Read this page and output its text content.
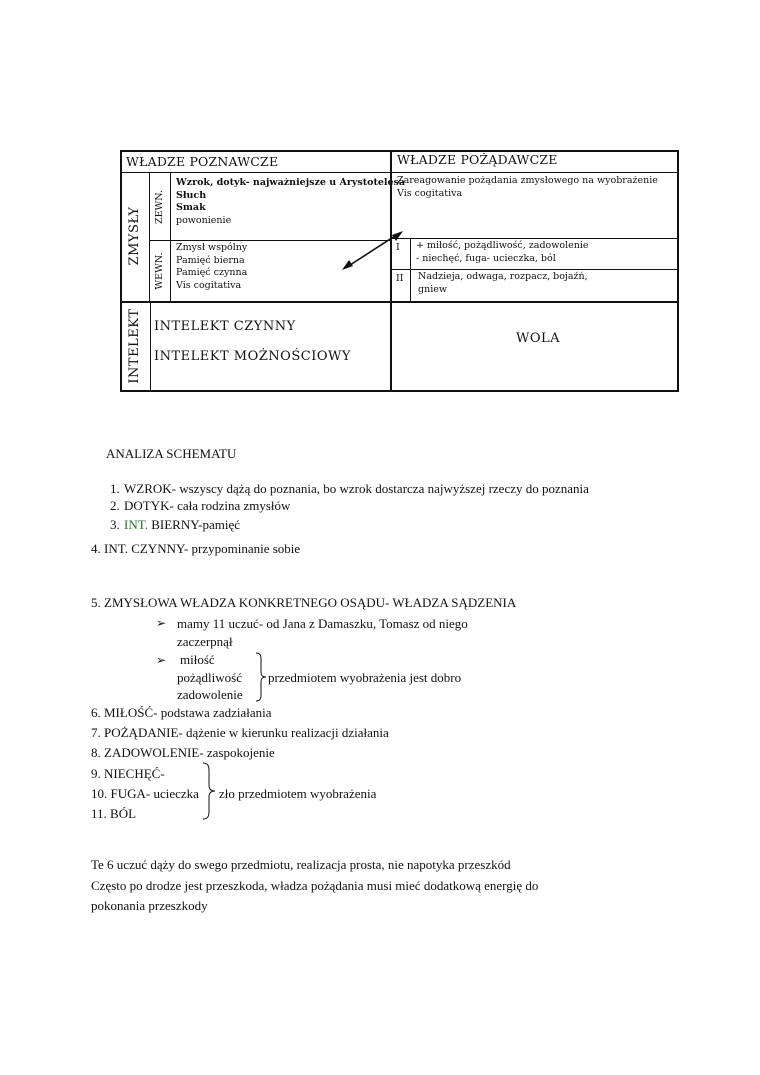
WŁADZE POZNAWCZE	WŁADZE POŻĄDAWCZE
ZMYSŁY ZEWN.
WEWN.
INTELEKT
Wzrok, dotyk- najważniejsze u Arystotelesa
Słuch
Smak
powonienie
Zmysł wspólny
Pamięć bierna
Pamięć czynna
Vis cogitativa
Zareagowanie pożądania zmysłowego na wyobrażenie
Vis cogitativa
I + miłość, pożądliwość, zadowolenie
- niechęć, fuga- ucieczka, ból
II Nadzieja, odwaga, rozpacz, bojaźń,
gniew
INTELEKT CZYNNY
INTELEKT MOŻNOŚCIOWY
WOLA
ANALIZA SCHEMATU
1. WZROK- wszyscy dążą do poznania, bo wzrok dostarcza najwyższej rzeczy do poznania
2. DOTYK- cała rodzina zmysłów
3. INT. BIERNY-pamięć
4. INT. CZYNNY- przypominanie sobie
5. ZMYSŁOWA WŁADZA KONKRETNEGO OSĄDU- WŁADZA SĄDZENIA
➢ mamy 11 uczuć- od Jana z Damaszku, Tomasz od niego
zaczerpnął
➢ miłość
pożądliwość
zadowolenie
przedmiotem wyobrażenia jest dobro
6. MIŁOŚĆ- podstawa zadziałania
7. POŻĄDANIE- dążenie w kierunku realizacji działania
8. ZADOWOLENIE- zaspokojenie
9. NIECHĘĆ-
10. FUGA- ucieczka
11. BÓL
zło przedmiotem wyobrażenia
Te 6 uczuć dąży do swego przedmiotu, realizacja prosta, nie napotyka przeszkód
Często po drodze jest przeszkoda, władza pożądania musi mieć dodatkową energię do
pokonania przeszkody
